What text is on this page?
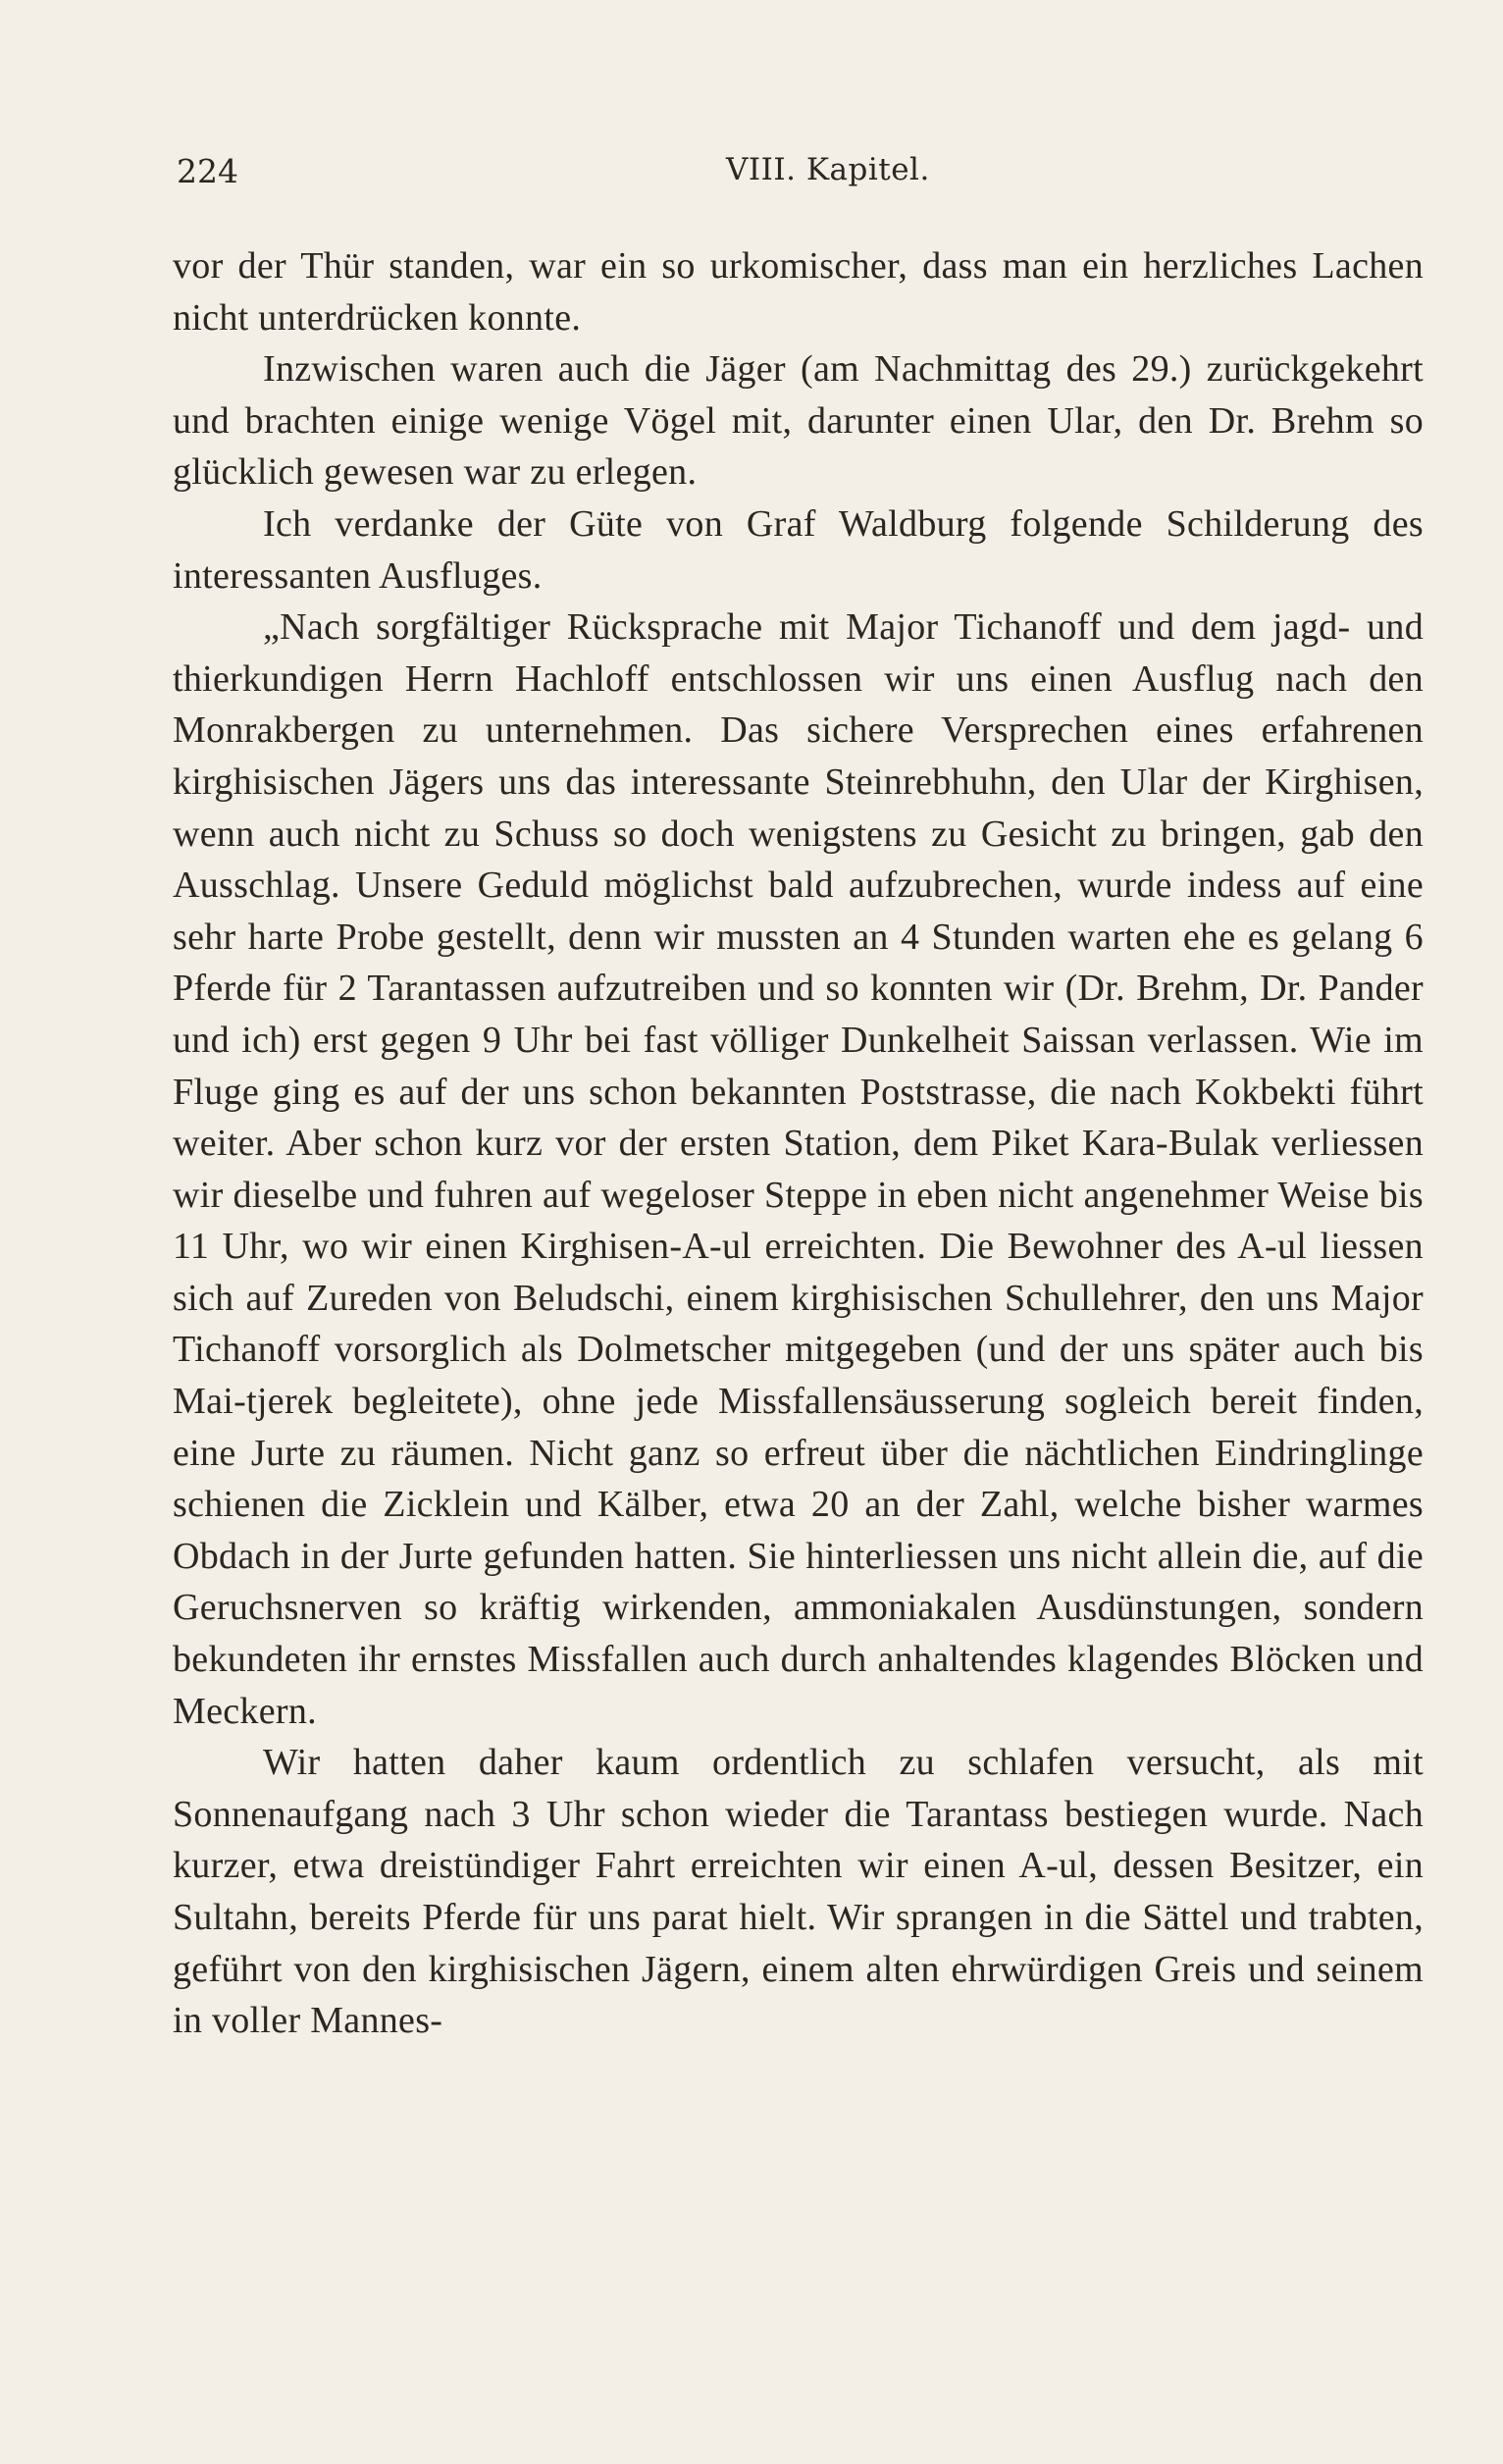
224	VIII. Kapitel.

vor der Thür standen, war ein so urkomischer, dass man ein herzliches Lachen nicht unterdrücken konnte.

Inzwischen waren auch die Jäger (am Nachmittag des 29.) zurückgekehrt und brachten einige wenige Vögel mit, darunter einen Ular, den Dr. Brehm so glücklich gewesen war zu erlegen.

Ich verdanke der Güte von Graf Waldburg folgende Schilderung des interessanten Ausfluges.

„Nach sorgfältiger Rücksprache mit Major Tichanoff und dem jagd- und thierkundigen Herrn Hachloff entschlossen wir uns einen Ausflug nach den Monrakbergen zu unternehmen. Das sichere Versprechen eines erfahrenen kirghisischen Jägers uns das interessante Steinrebhuhn, den Ular der Kirghisen, wenn auch nicht zu Schuss so doch wenigstens zu Gesicht zu bringen, gab den Ausschlag. Unsere Geduld möglichst bald aufzubrechen, wurde indess auf eine sehr harte Probe gestellt, denn wir mussten an 4 Stunden warten ehe es gelang 6 Pferde für 2 Tarantassen aufzutreiben und so konnten wir (Dr. Brehm, Dr. Pander und ich) erst gegen 9 Uhr bei fast völliger Dunkelheit Saissan verlassen. Wie im Fluge ging es auf der uns schon bekannten Poststrasse, die nach Kokbekti führt weiter. Aber schon kurz vor der ersten Station, dem Piket Kara-Bulak verliessen wir dieselbe und fuhren auf wegeloser Steppe in eben nicht angenehmer Weise bis 11 Uhr, wo wir einen Kirghisen-A-ul erreichten. Die Bewohner des A-ul liessen sich auf Zureden von Beludschi, einem kirghisischen Schullehrer, den uns Major Tichanoff vorsorglich als Dolmetscher mitgegeben (und der uns später auch bis Mai-tjerek begleitete), ohne jede Missfallensäusserung sogleich bereit finden, eine Jurte zu räumen. Nicht ganz so erfreut über die nächtlichen Eindringlinge schienen die Zicklein und Kälber, etwa 20 an der Zahl, welche bisher warmes Obdach in der Jurte gefunden hatten. Sie hinterliessen uns nicht allein die, auf die Geruchsnerven so kräftig wirkenden, ammoniakalen Ausdünstungen, sondern bekundeten ihr ernstes Missfallen auch durch anhaltendes klagendes Blöcken und Meckern.

Wir hatten daher kaum ordentlich zu schlafen versucht, als mit Sonnenaufgang nach 3 Uhr schon wieder die Tarantass bestiegen wurde. Nach kurzer, etwa dreistündiger Fahrt erreichten wir einen A-ul, dessen Besitzer, ein Sultahn, bereits Pferde für uns parat hielt. Wir sprangen in die Sättel und trabten, geführt von den kirghisischen Jägern, einem alten ehrwürdigen Greis und seinem in voller Mannes-
